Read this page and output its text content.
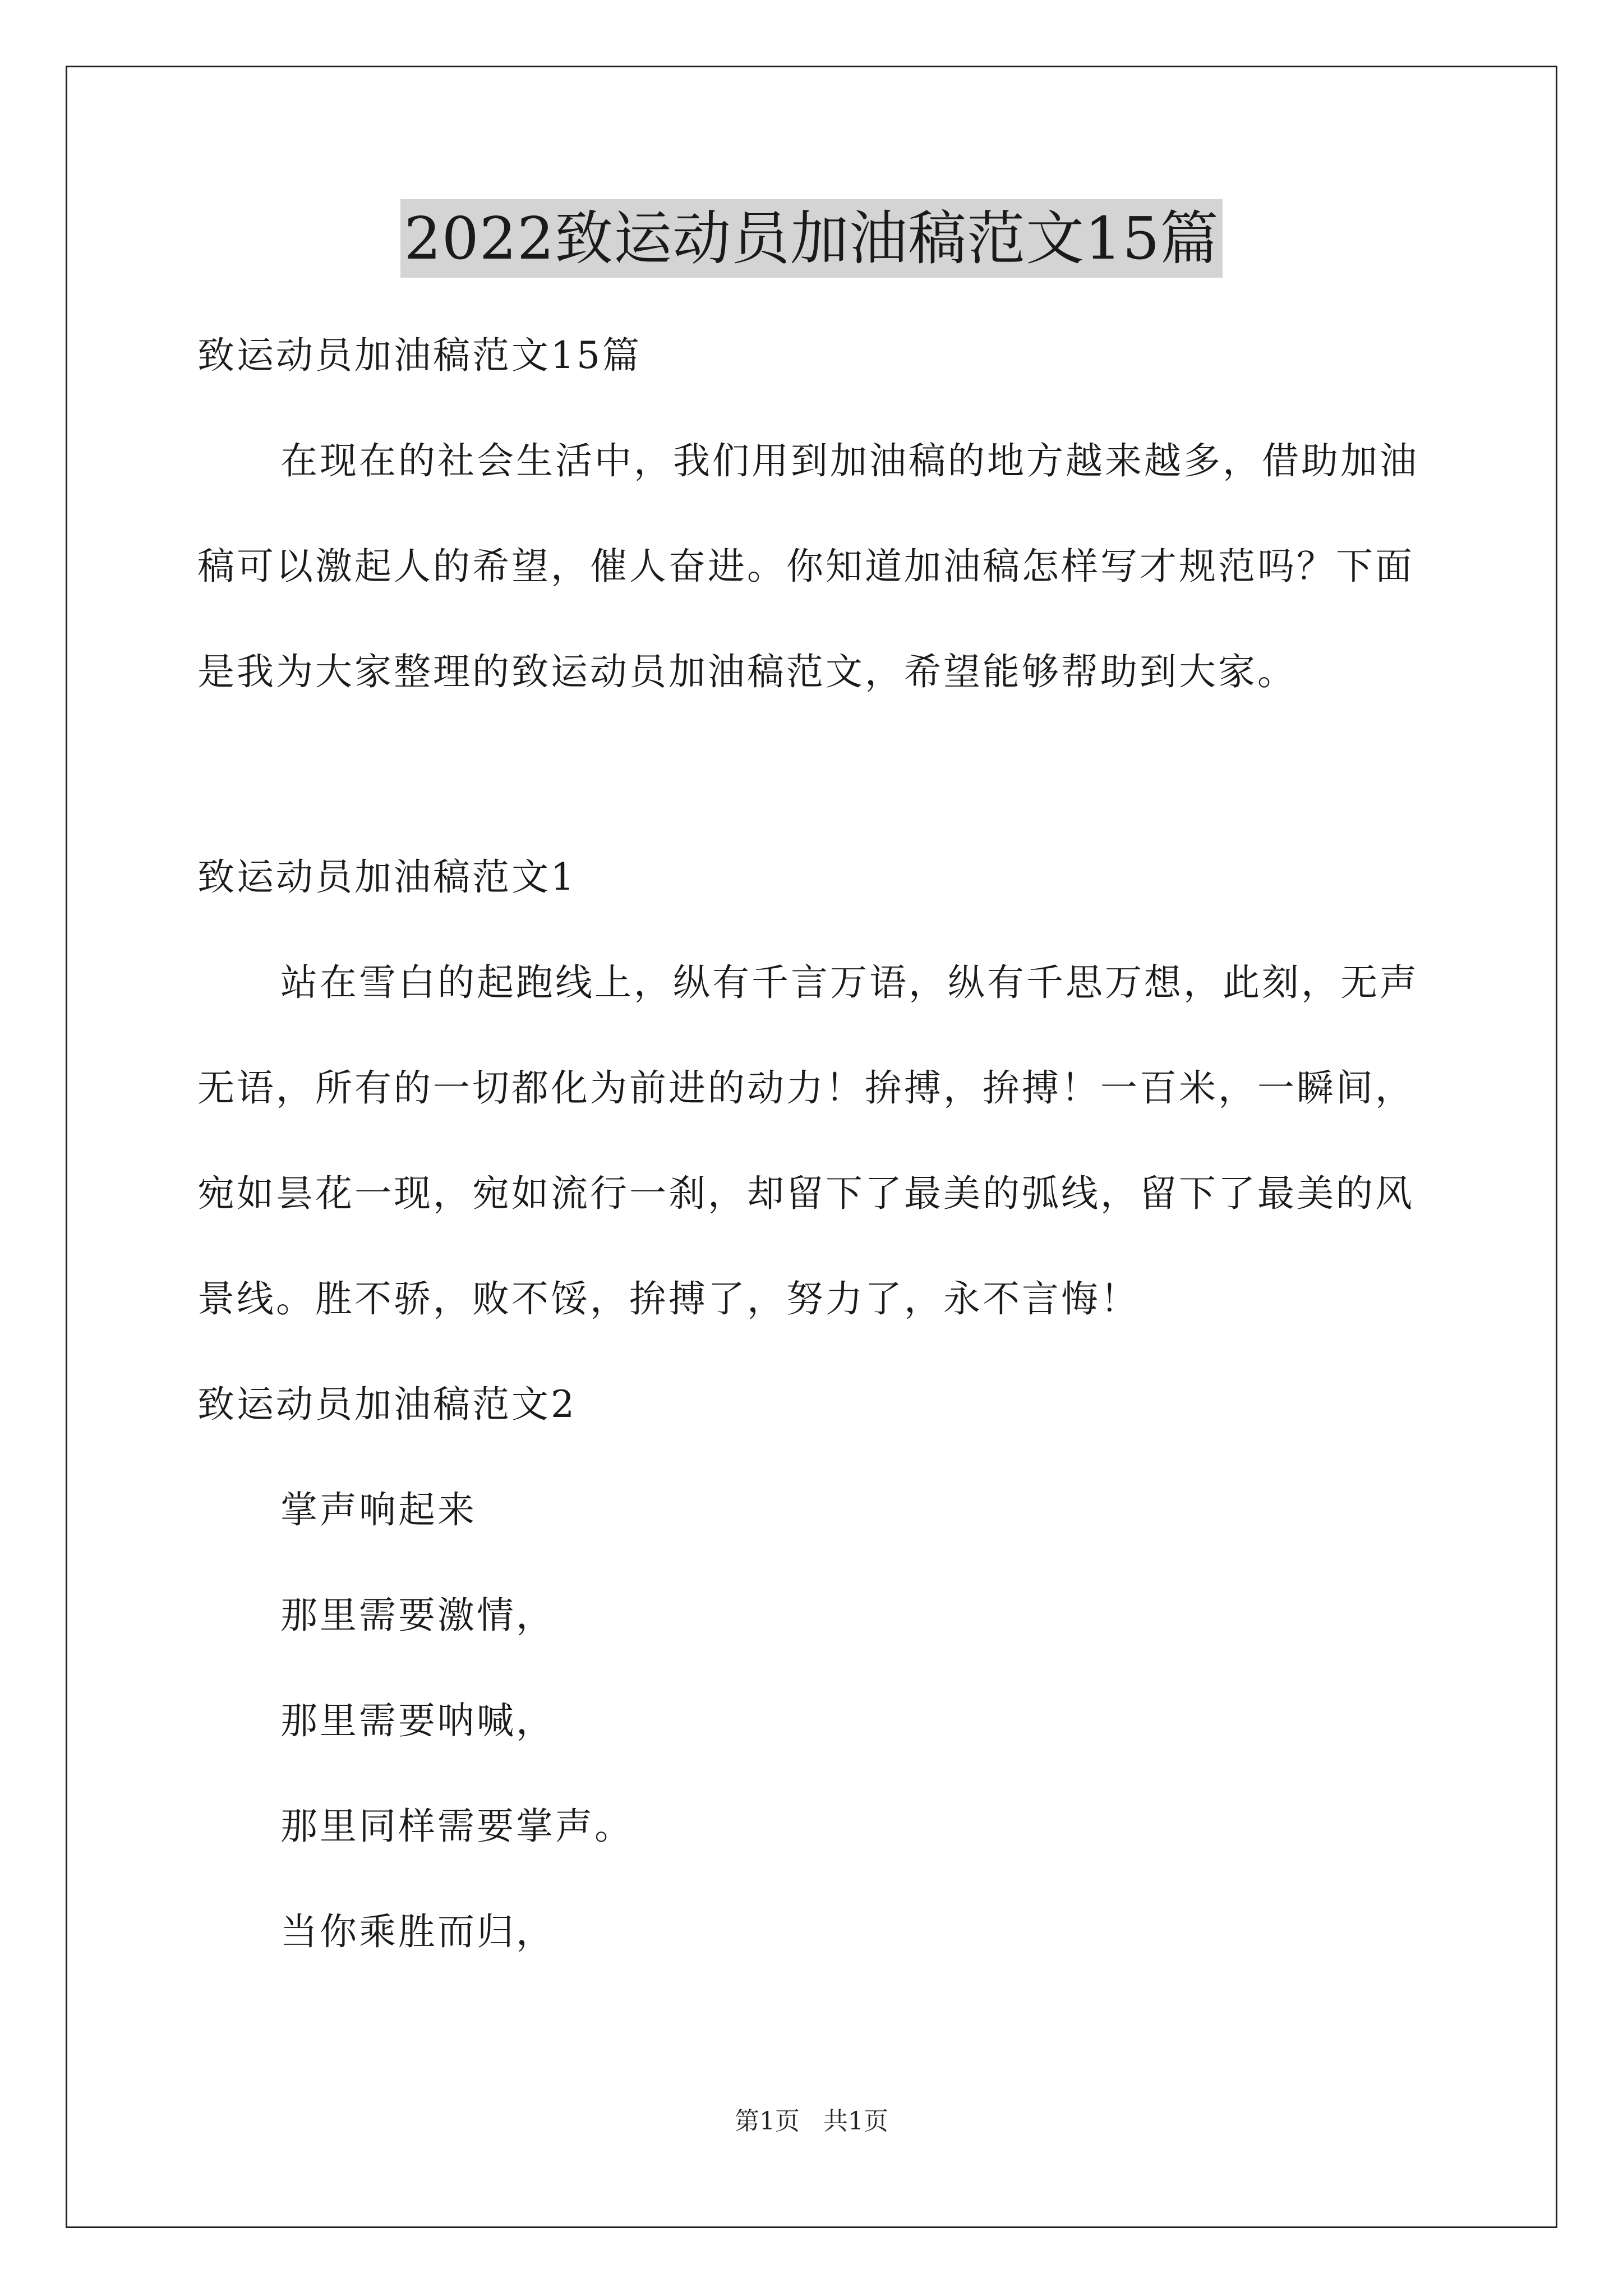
2022致运动员加油稿范文15篇

致运动员加油稿范文15篇

在现在的社会生活中，我们用到加油稿的地方越来越多，借助加油稿可以激起人的希望，催人奋进。你知道加油稿怎样写才规范吗？下面是我为大家整理的致运动员加油稿范文，希望能够帮助到大家。

致运动员加油稿范文1

站在雪白的起跑线上，纵有千言万语，纵有千思万想，此刻，无声无语，所有的一切都化为前进的动力！拚搏，拚搏！一百米，一瞬间，宛如昙花一现，宛如流行一刹，却留下了最美的弧线，留下了最美的风景线。胜不骄，败不馁，拚搏了，努力了，永不言悔！

致运动员加油稿范文2

掌声响起来

那里需要激情，

那里需要呐喊，

那里同样需要掌声。

当你乘胜而归，

第1页 共1页
